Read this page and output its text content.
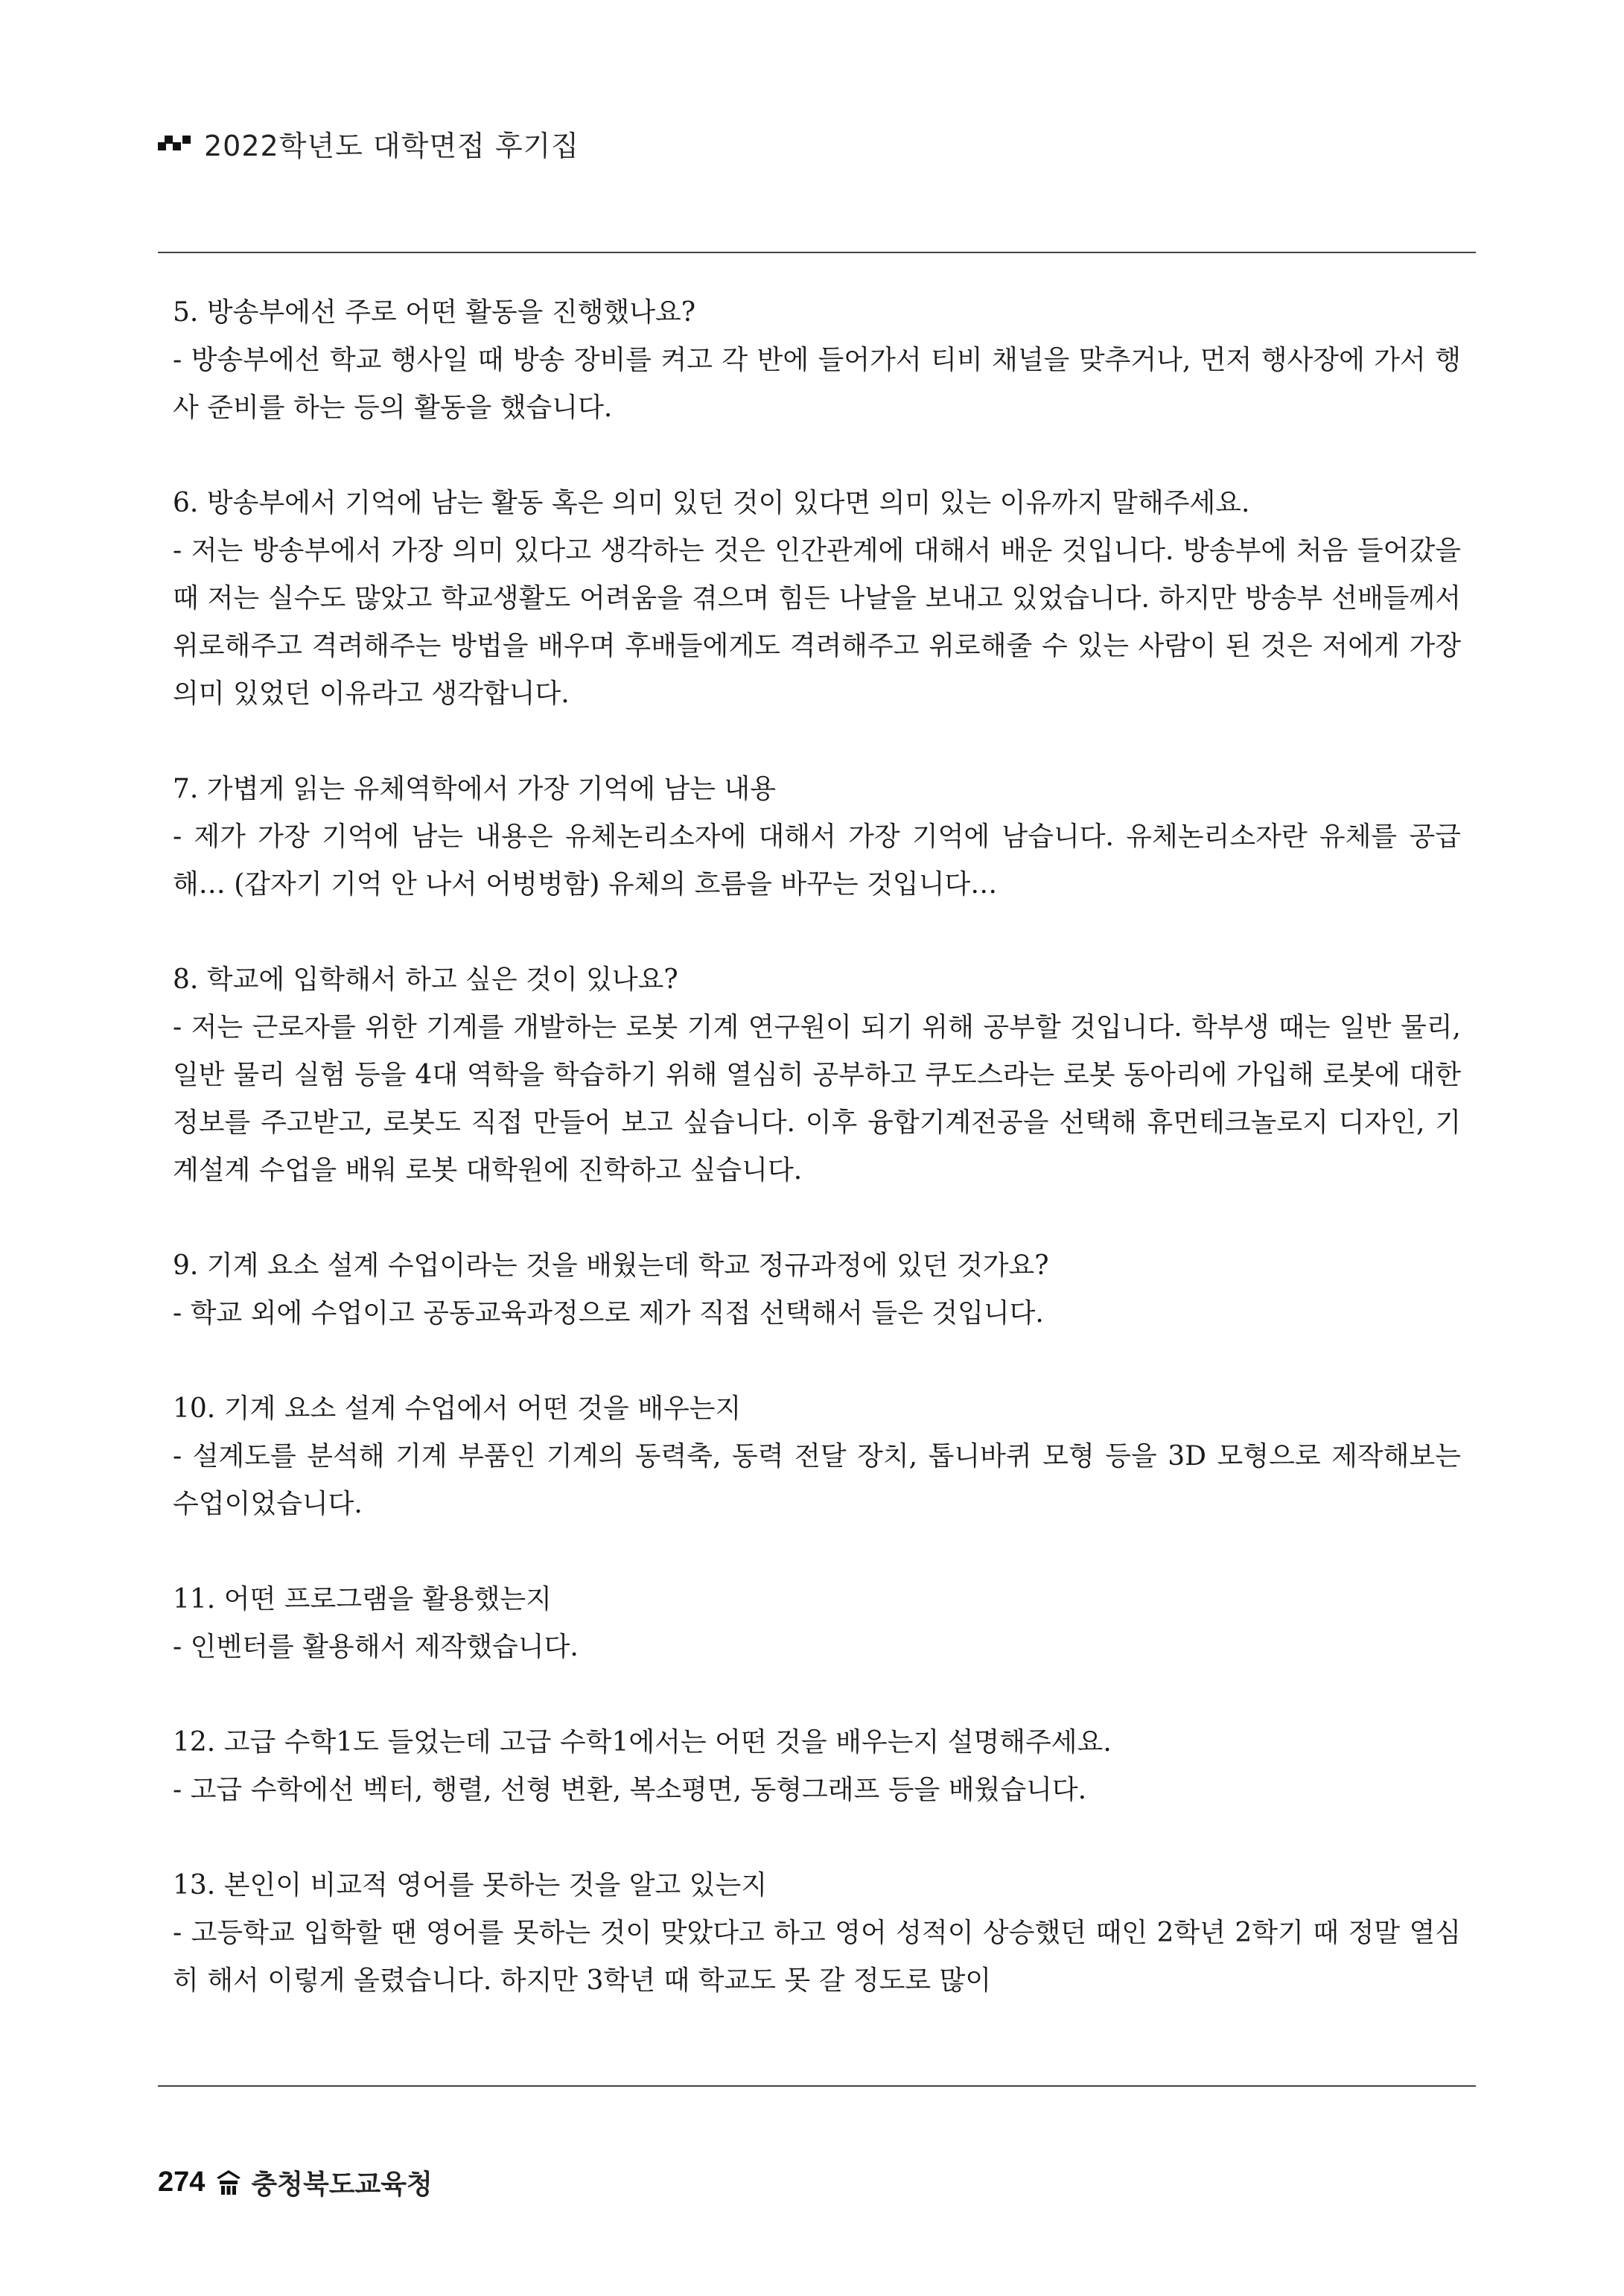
2022학년도 대학면접 후기집

5. 방송부에선 주로 어떤 활동을 진행했나요?

- 방송부에선 학교 행사일 때 방송 장비를 켜고 각 반에 들어가서 티비 채널을 맞추거나, 먼저 행사장에 가서 행사 준비를 하는 등의 활동을 했습니다.

6. 방송부에서 기억에 남는 활동 혹은 의미 있던 것이 있다면 의미 있는 이유까지 말해주세요.

- 저는 방송부에서 가장 의미 있다고 생각하는 것은 인간관계에 대해서 배운 것입니다. 방송부에 처음 들어갔을 때 저는 실수도 많았고 학교생활도 어려움을 겪으며 힘든 나날을 보내고 있었습니다. 하지만 방송부 선배들께서 위로해주고 격려해주는 방법을 배우며 후배들에게도 격려해주고 위로해줄 수 있는 사람이 된 것은 저에게 가장 의미 있었던 이유라고 생각합니다.

7. 가볍게 읽는 유체역학에서 가장 기억에 남는 내용

- 제가 가장 기억에 남는 내용은 유체논리소자에 대해서 가장 기억에 남습니다. 유체논리소자란 유체를 공급해… (갑자기 기억 안 나서 어벙벙함) 유체의 흐름을 바꾸는 것입니다…

8. 학교에 입학해서 하고 싶은 것이 있나요?

- 저는 근로자를 위한 기계를 개발하는 로봇 기계 연구원이 되기 위해 공부할 것입니다. 학부생 때는 일반 물리, 일반 물리 실험 등을 4대 역학을 학습하기 위해 열심히 공부하고 쿠도스라는 로봇 동아리에 가입해 로봇에 대한 정보를 주고받고, 로봇도 직접 만들어 보고 싶습니다. 이후 융합기계전공을 선택해 휴먼테크놀로지 디자인, 기계설계 수업을 배워 로봇 대학원에 진학하고 싶습니다.

9. 기계 요소 설계 수업이라는 것을 배웠는데 학교 정규과정에 있던 것가요?

- 학교 외에 수업이고 공동교육과정으로 제가 직접 선택해서 들은 것입니다.

10. 기계 요소 설계 수업에서 어떤 것을 배우는지

- 설계도를 분석해 기계 부품인 기계의 동력축, 동력 전달 장치, 톱니바퀴 모형 등을 3D 모형으로 제작해보는 수업이었습니다.

11. 어떤 프로그램을 활용했는지

- 인벤터를 활용해서 제작했습니다.

12. 고급 수학1도 들었는데 고급 수학1에서는 어떤 것을 배우는지 설명해주세요.

- 고급 수학에선 벡터, 행렬, 선형 변환, 복소평면, 동형그래프 등을 배웠습니다.

13. 본인이 비교적 영어를 못하는 것을 알고 있는지

- 고등학교 입학할 땐 영어를 못하는 것이 맞았다고 하고 영어 성적이 상승했던 때인 2학년 2학기 때 정말 열심히 해서 이렇게 올렸습니다. 하지만 3학년 때 학교도 못 갈 정도로 많이

274 충청북도교육청
